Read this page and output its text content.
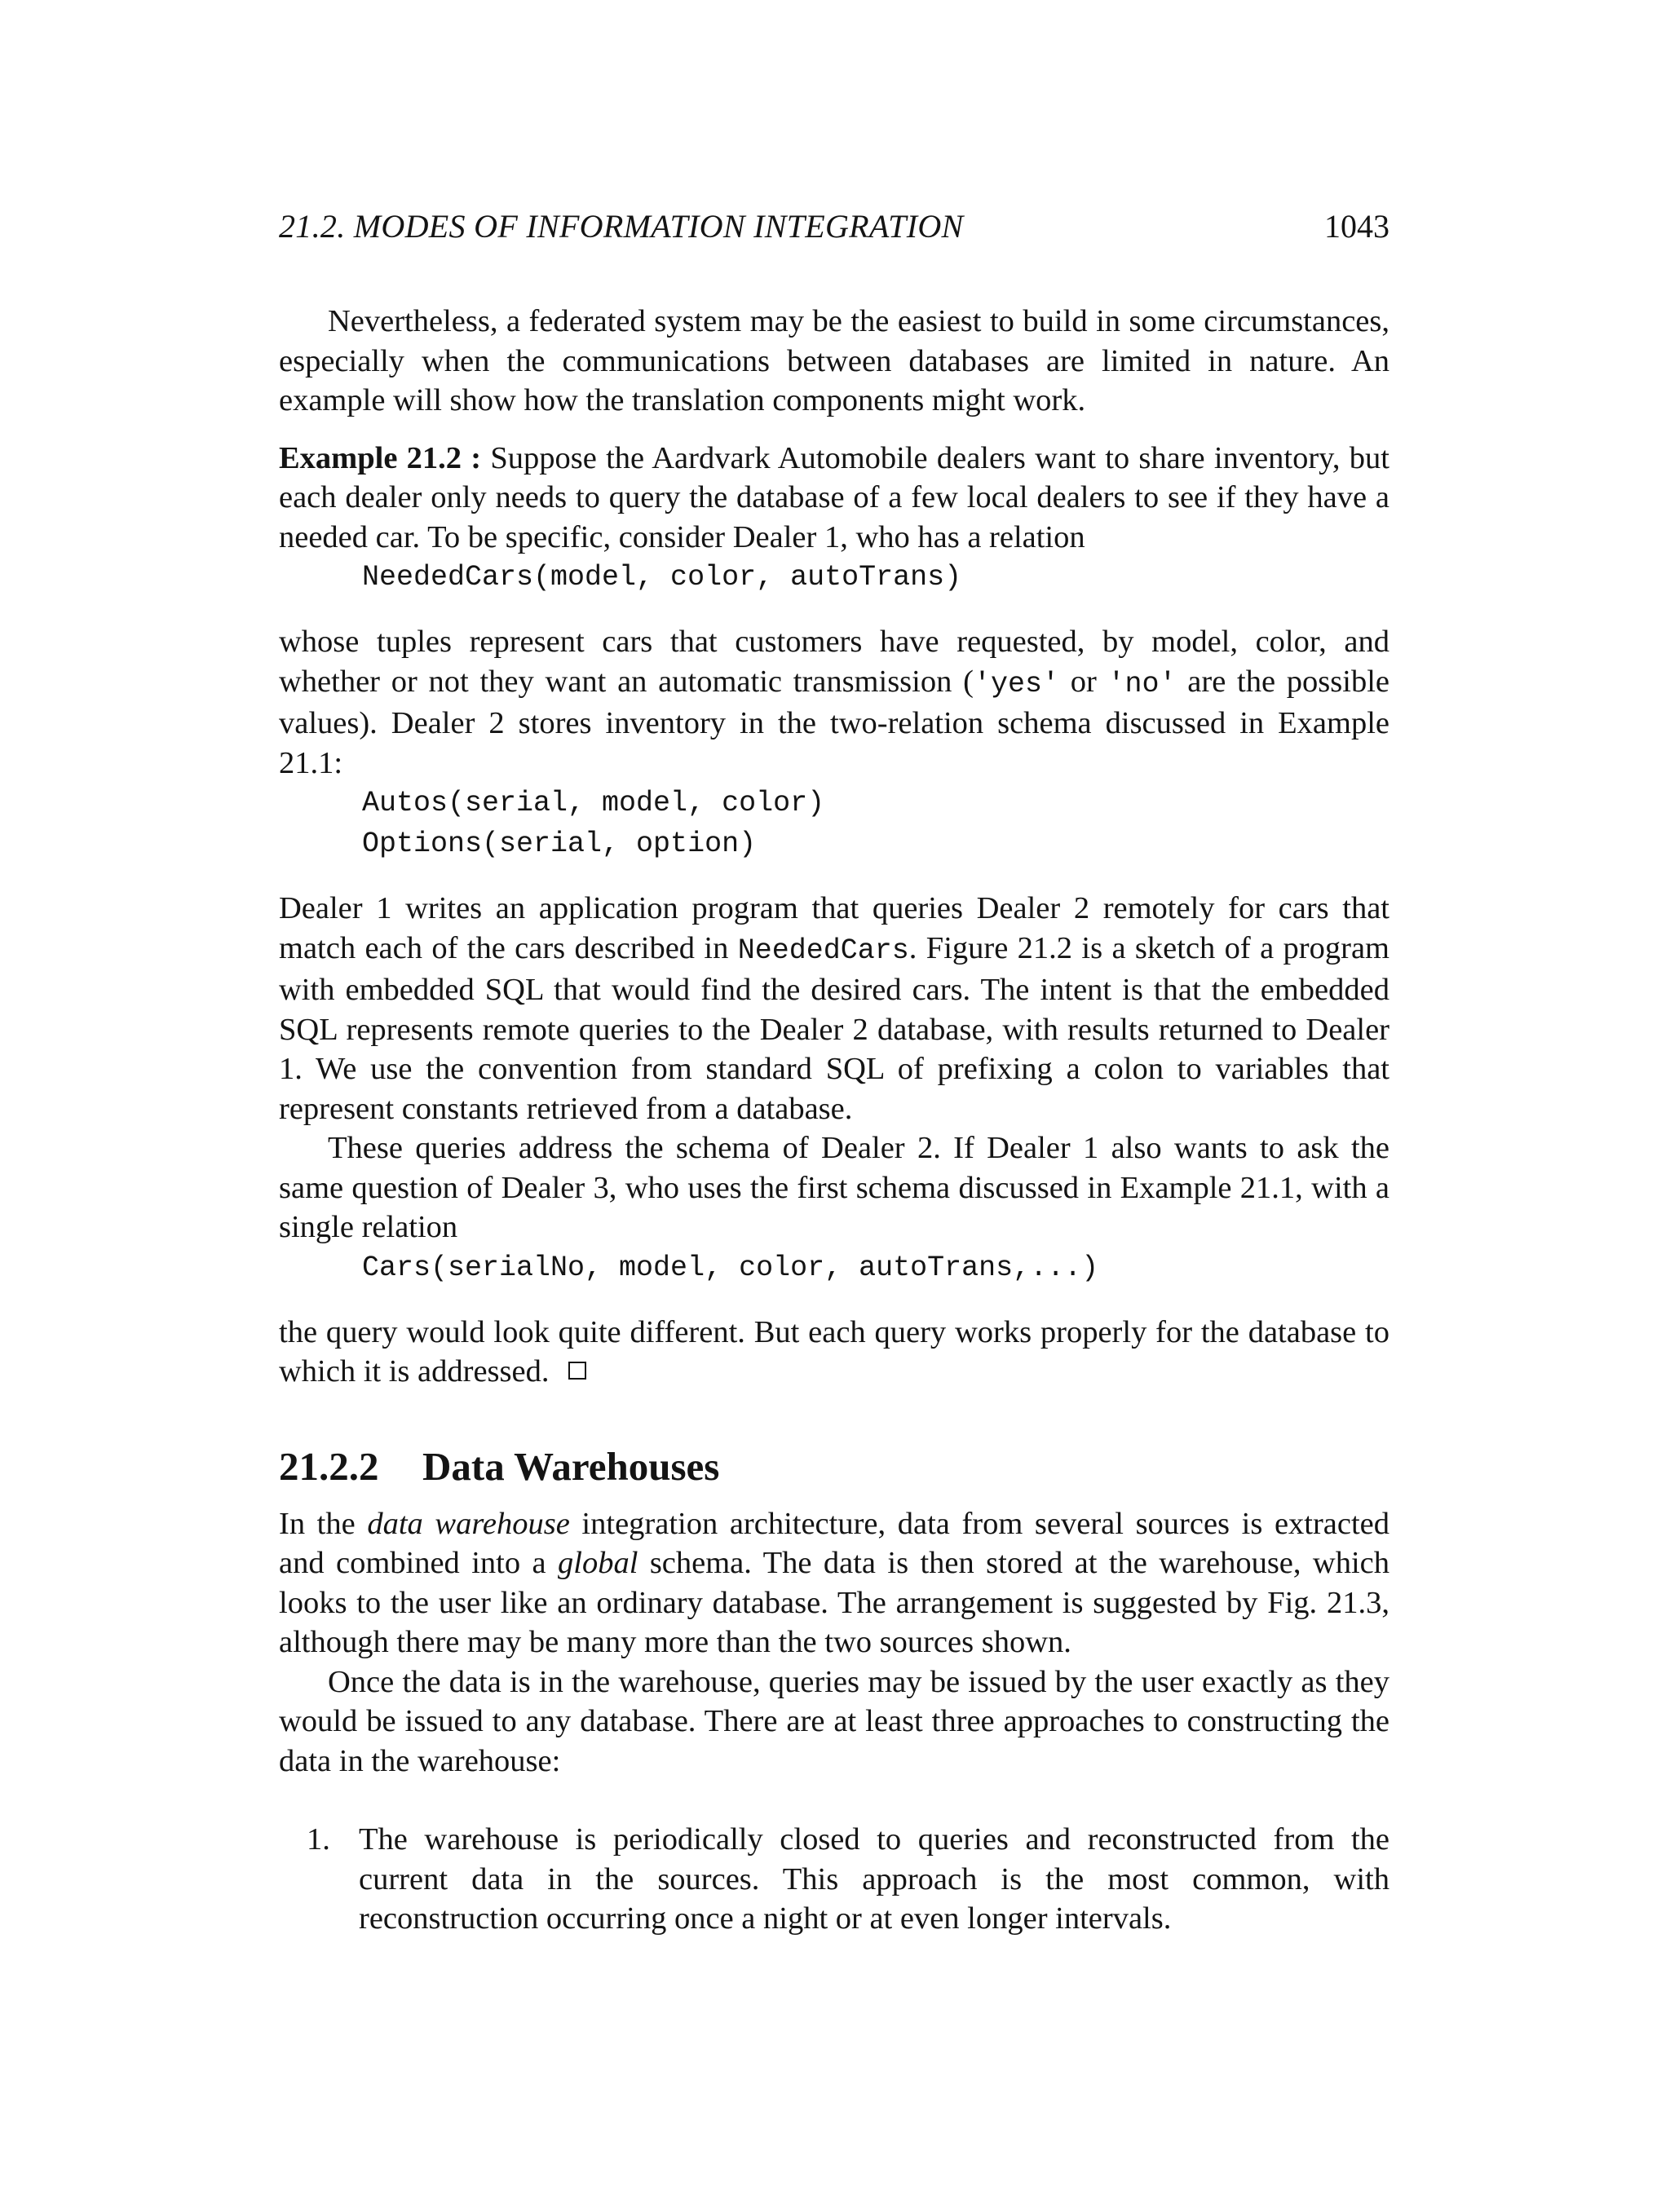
21.2. MODES OF INFORMATION INTEGRATION	1043

Nevertheless, a federated system may be the easiest to build in some circumstances, especially when the communications between databases are limited in nature. An example will show how the translation components might work.

Example 21.2 : Suppose the Aardvark Automobile dealers want to share inventory, but each dealer only needs to query the database of a few local dealers to see if they have a needed car. To be specific, consider Dealer 1, who has a relation

NeededCars(model, color, autoTrans)

whose tuples represent cars that customers have requested, by model, color, and whether or not they want an automatic transmission ('yes' or 'no' are the possible values). Dealer 2 stores inventory in the two-relation schema discussed in Example 21.1:

Autos(serial, model, color)
Options(serial, option)

Dealer 1 writes an application program that queries Dealer 2 remotely for cars that match each of the cars described in NeededCars. Figure 21.2 is a sketch of a program with embedded SQL that would find the desired cars. The intent is that the embedded SQL represents remote queries to the Dealer 2 database, with results returned to Dealer 1. We use the convention from standard SQL of prefixing a colon to variables that represent constants retrieved from a database.

These queries address the schema of Dealer 2. If Dealer 1 also wants to ask the same question of Dealer 3, who uses the first schema discussed in Example 21.1, with a single relation

Cars(serialNo, model, color, autoTrans,...)

the query would look quite different. But each query works properly for the database to which it is addressed.

21.2.2 Data Warehouses

In the data warehouse integration architecture, data from several sources is extracted and combined into a global schema. The data is then stored at the warehouse, which looks to the user like an ordinary database. The arrangement is suggested by Fig. 21.3, although there may be many more than the two sources shown.

Once the data is in the warehouse, queries may be issued by the user exactly as they would be issued to any database. There are at least three approaches to constructing the data in the warehouse:

1. The warehouse is periodically closed to queries and reconstructed from the current data in the sources. This approach is the most common, with reconstruction occurring once a night or at even longer intervals.
